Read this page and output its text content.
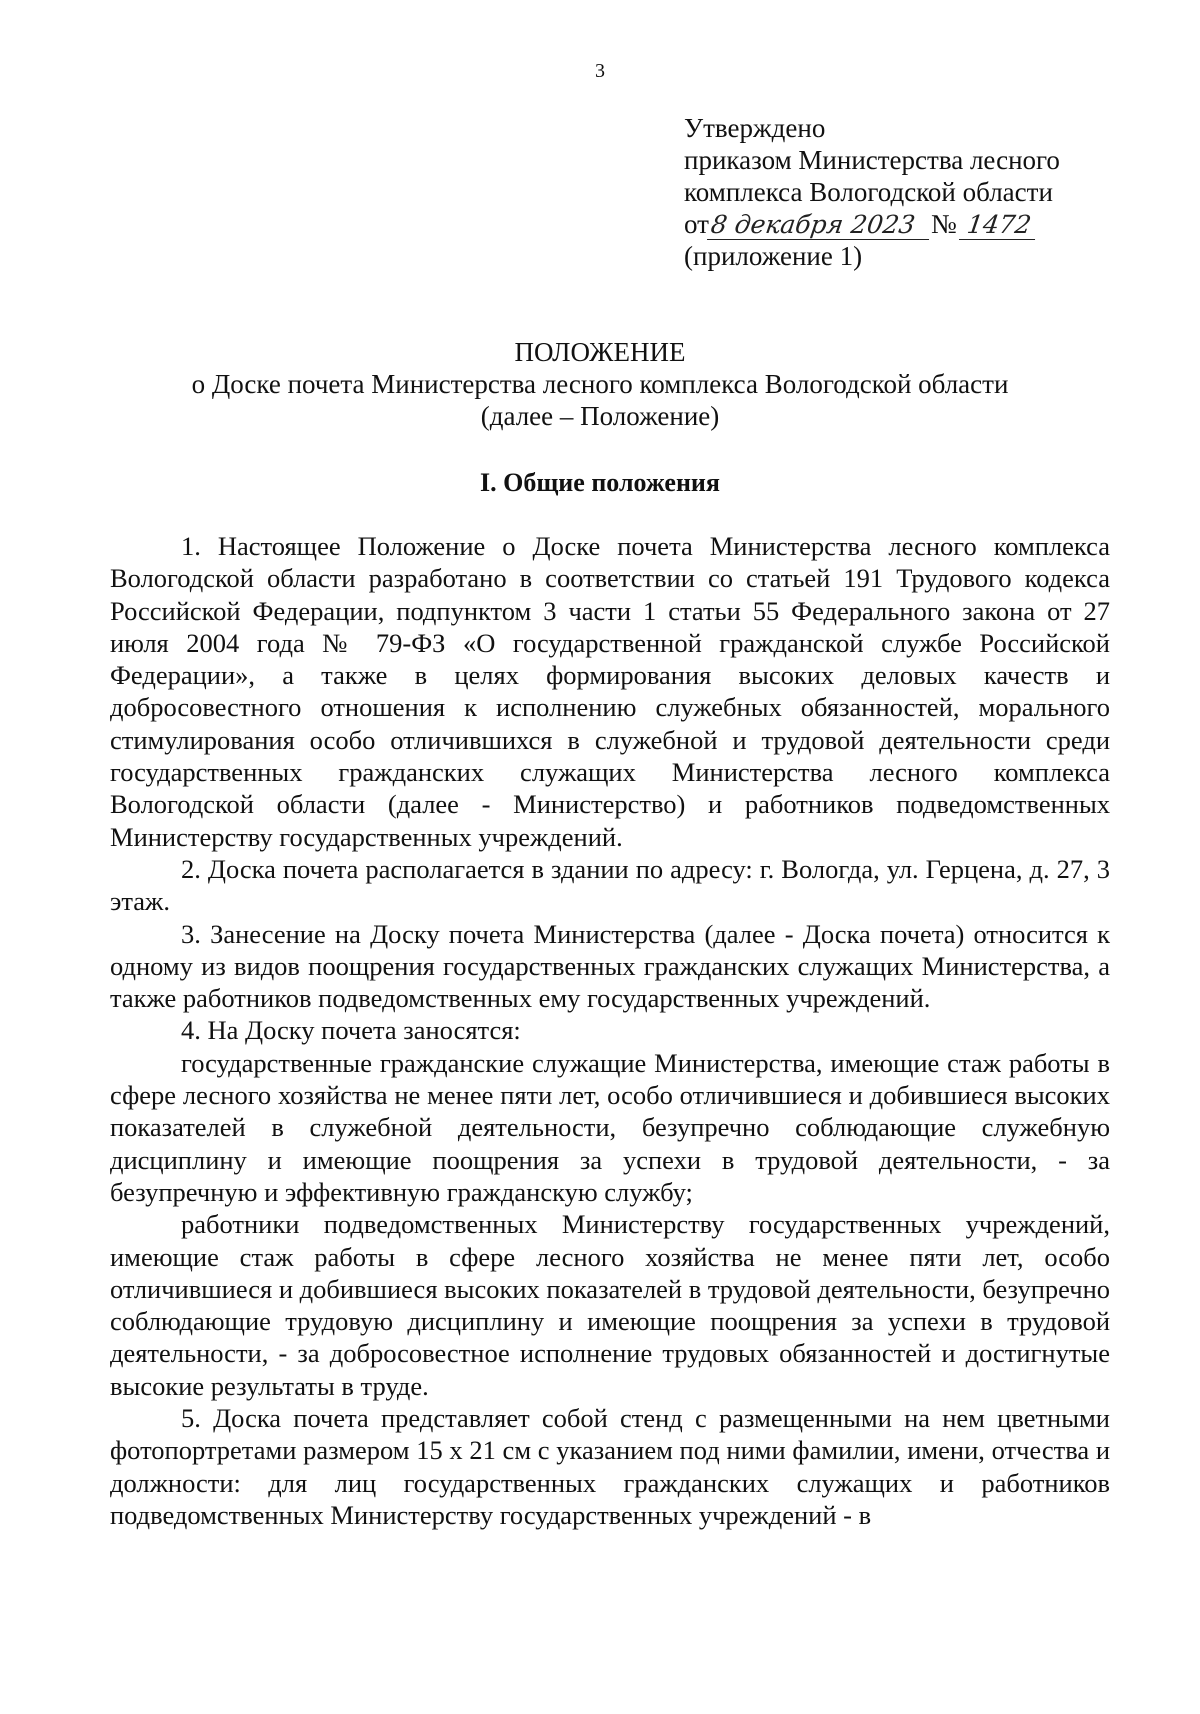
3
Утверждено
приказом Министерства лесного
комплекса Вологодской области
от 8 декабря 2023 № 1472
(приложение 1)
ПОЛОЖЕНИЕ
о Доске почета Министерства лесного комплекса Вологодской области
(далее – Положение)
I. Общие положения

1. Настоящее Положение о Доске почета Министерства лесного комплекса Вологодской области разработано в соответствии со статьей 191 Трудового кодекса Российской Федерации, подпунктом 3 части 1 статьи 55 Федерального закона от 27 июля 2004 года № 79-ФЗ «О государственной гражданской службе Российской Федерации», а также в целях формирования высоких деловых качеств и добросовестного отношения к исполнению служебных обязанностей, морального стимулирования особо отличившихся в служебной и трудовой деятельности среди государственных гражданских служащих Министерства лесного комплекса Вологодской области (далее - Министерство) и работников подведомственных Министерству государственных учреждений.

2. Доска почета располагается в здании по адресу: г. Вологда, ул. Герцена, д. 27, 3 этаж.

3. Занесение на Доску почета Министерства (далее - Доска почета) относится к одному из видов поощрения государственных гражданских служащих Министерства, а также работников подведомственных ему государственных учреждений.

4. На Доску почета заносятся:

государственные гражданские служащие Министерства, имеющие стаж работы в сфере лесного хозяйства не менее пяти лет, особо отличившиеся и добившиеся высоких показателей в служебной деятельности, безупречно соблюдающие служебную дисциплину и имеющие поощрения за успехи в трудовой деятельности, - за безупречную и эффективную гражданскую службу;

работники подведомственных Министерству государственных учреждений, имеющие стаж работы в сфере лесного хозяйства не менее пяти лет, особо отличившиеся и добившиеся высоких показателей в трудовой деятельности, безупречно соблюдающие трудовую дисциплину и имеющие поощрения за успехи в трудовой деятельности, - за добросовестное исполнение трудовых обязанностей и достигнутые высокие результаты в труде.

5. Доска почета представляет собой стенд с размещенными на нем цветными фотопортретами размером 15 х 21 см с указанием под ними фамилии, имени, отчества и должности: для лиц государственных гражданских служащих и работников подведомственных Министерству государственных учреждений - в
